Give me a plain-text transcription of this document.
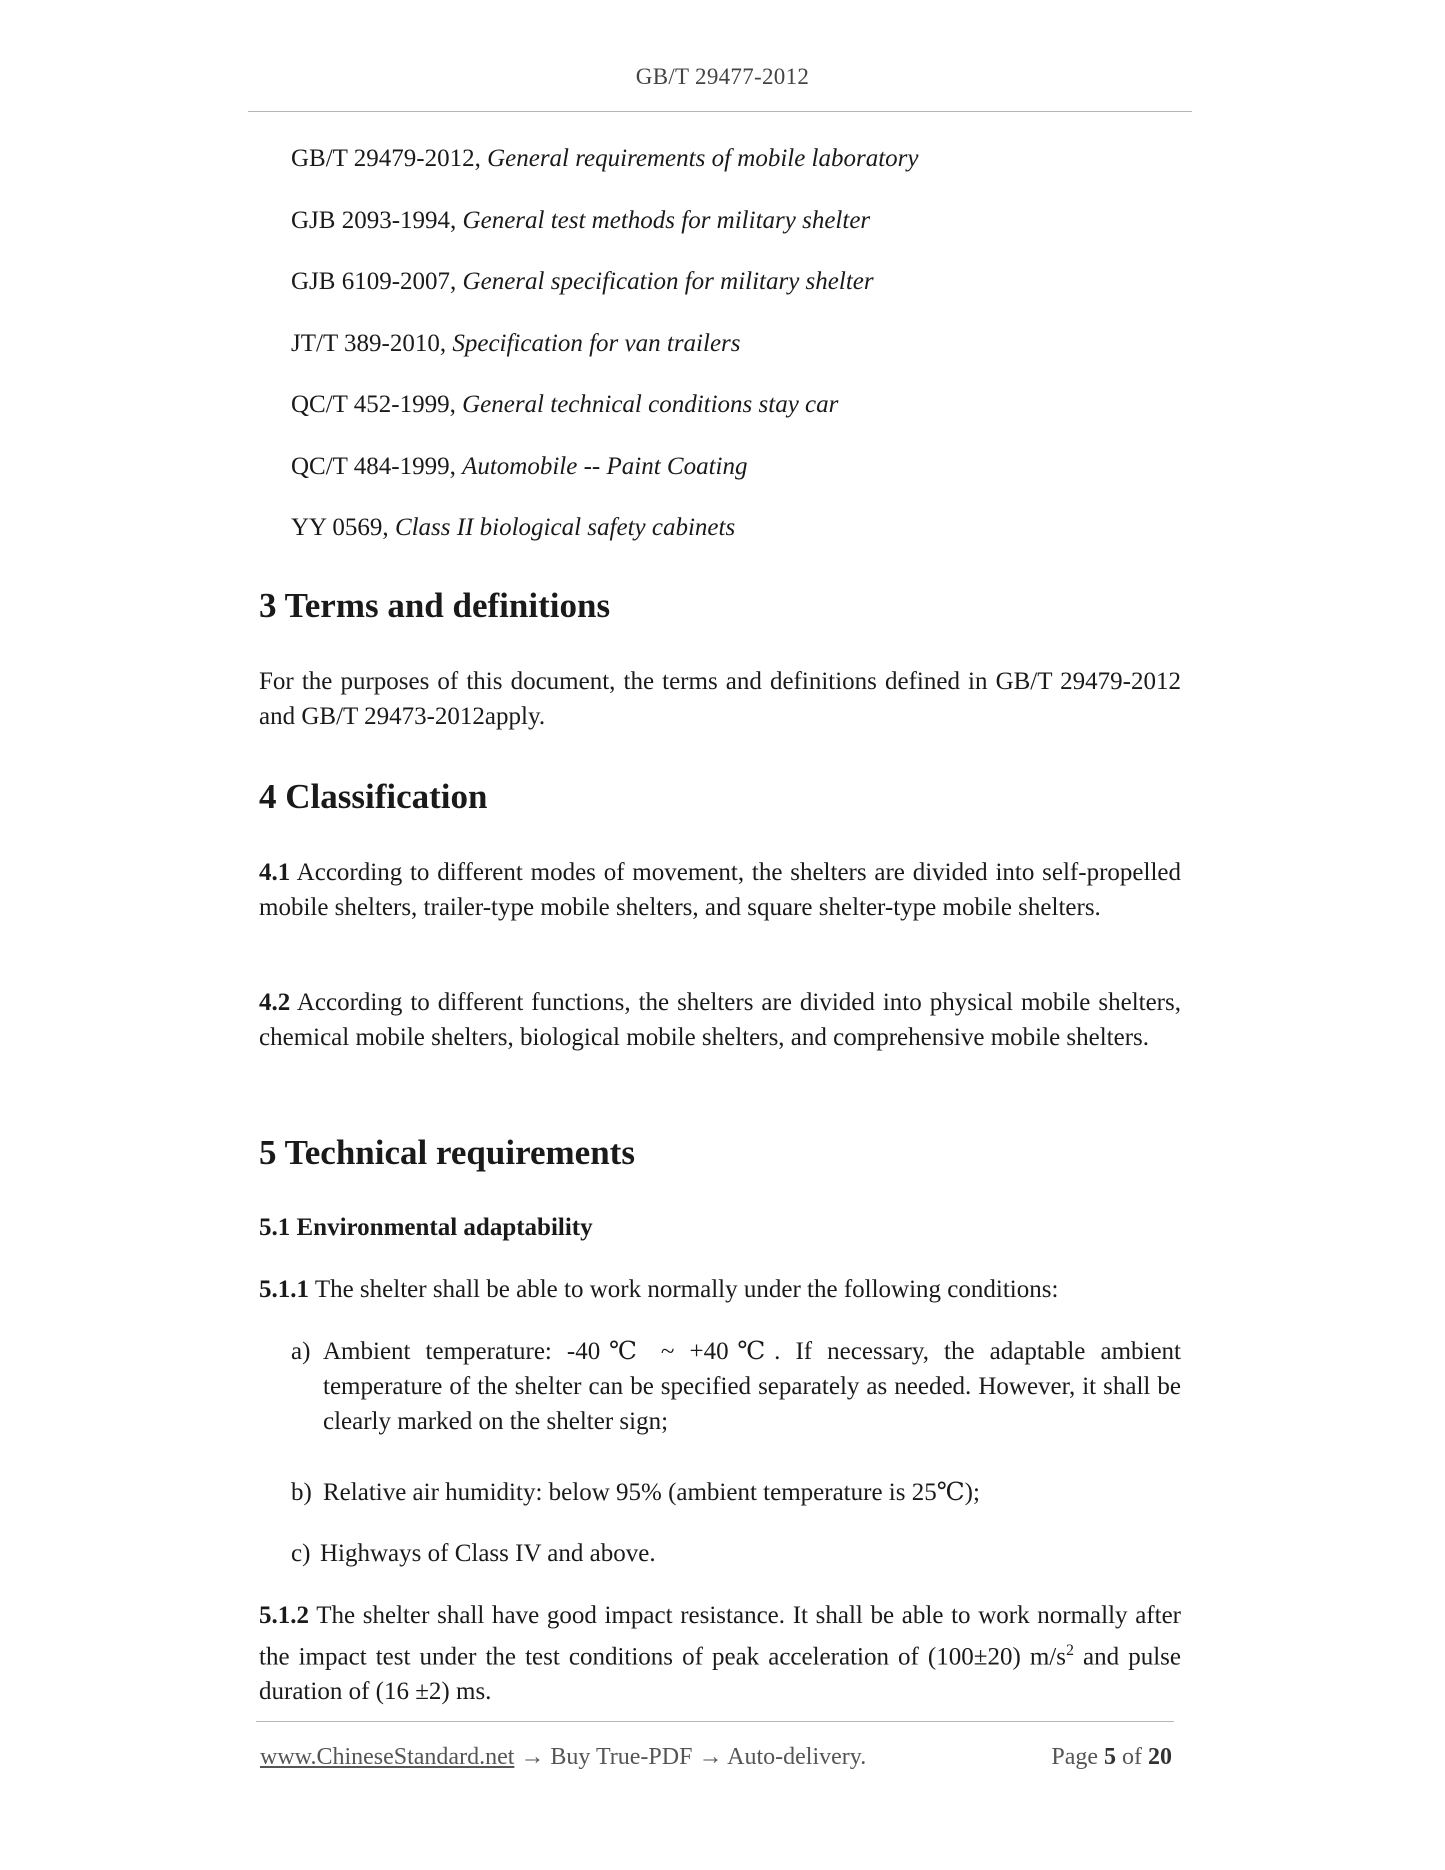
GB/T 29477-2012
GB/T 29479-2012, General requirements of mobile laboratory
GJB 2093-1994, General test methods for military shelter
GJB 6109-2007, General specification for military shelter
JT/T 389-2010, Specification for van trailers
QC/T 452-1999, General technical conditions stay car
QC/T 484-1999, Automobile -- Paint Coating
YY 0569, Class II biological safety cabinets
3 Terms and definitions

For the purposes of this document, the terms and definitions defined in GB/T 29479-2012 and GB/T 29473-2012apply.

4 Classification

4.1 According to different modes of movement, the shelters are divided into self-propelled mobile shelters, trailer-type mobile shelters, and square shelter-type mobile shelters.

4.2 According to different functions, the shelters are divided into physical mobile shelters, chemical mobile shelters, biological mobile shelters, and comprehensive mobile shelters.

5 Technical requirements
5.1 Environmental adaptability

5.1.1 The shelter shall be able to work normally under the following conditions:

a) Ambient temperature: -40℃ ~ +40℃. If necessary, the adaptable ambient temperature of the shelter can be specified separately as needed. However, it shall be clearly marked on the shelter sign;
b) Relative air humidity: below 95% (ambient temperature is 25℃);
c) Highways of Class IV and above.

5.1.2 The shelter shall have good impact resistance. It shall be able to work normally after the impact test under the test conditions of peak acceleration of (100±20) $m/s^2$ and pulse duration of (16 ±2) ms.

www.ChineseStandard.net → Buy True-PDF → Auto-delivery.	Page 5 of 20
